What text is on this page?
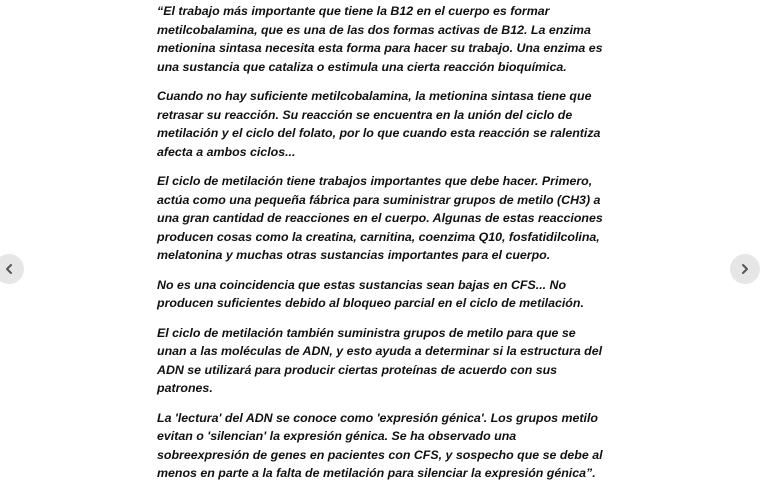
“El trabajo más importante que tiene la B12 en el cuerpo es formar metilcobalamina, que es una de las dos formas activas de B12. La enzima metionina sintasa necesita esta forma para hacer su trabajo. Una enzima es una sustancia que cataliza o estimula una cierta reacción bioquímica.

Cuando no hay suficiente metilcobalamina, la metionina sintasa tiene que retrasar su reacción. Su reacción se encuentra en la unión del ciclo de metilación y el ciclo del folato, por lo que cuando esta reacción se ralentiza afecta a ambos ciclos...

El ciclo de metilación tiene trabajos importantes que debe hacer. Primero, actúa como una pequeña fábrica para suministrar grupos de metilo (CH3) a una gran cantidad de reacciones en el cuerpo. Algunas de estas reacciones producen cosas como la creatina, carnitina, coenzima Q10, fosfatidilcolina, melatonina y muchas otras sustancias importantes para el cuerpo.

No es una coincidencia que estas sustancias sean bajas en CFS... No producen suficientes debido al bloqueo parcial en el ciclo de metilación.

El ciclo de metilación también suministra grupos de metilo para que se unan a las moléculas de ADN, y esto ayuda a determinar si la estructura del ADN se utilizará para producir ciertas proteínas de acuerdo con sus patrones.

La 'lectura' del ADN se conoce como 'expresión génica'. Los grupos metilo evitan o 'silencian' la expresión génica. Se ha observado una sobreexpresión de genes en pacientes con CFS, y sospecho que se debe al menos en parte a la falta de metilación para silenciar la expresión génica”.
